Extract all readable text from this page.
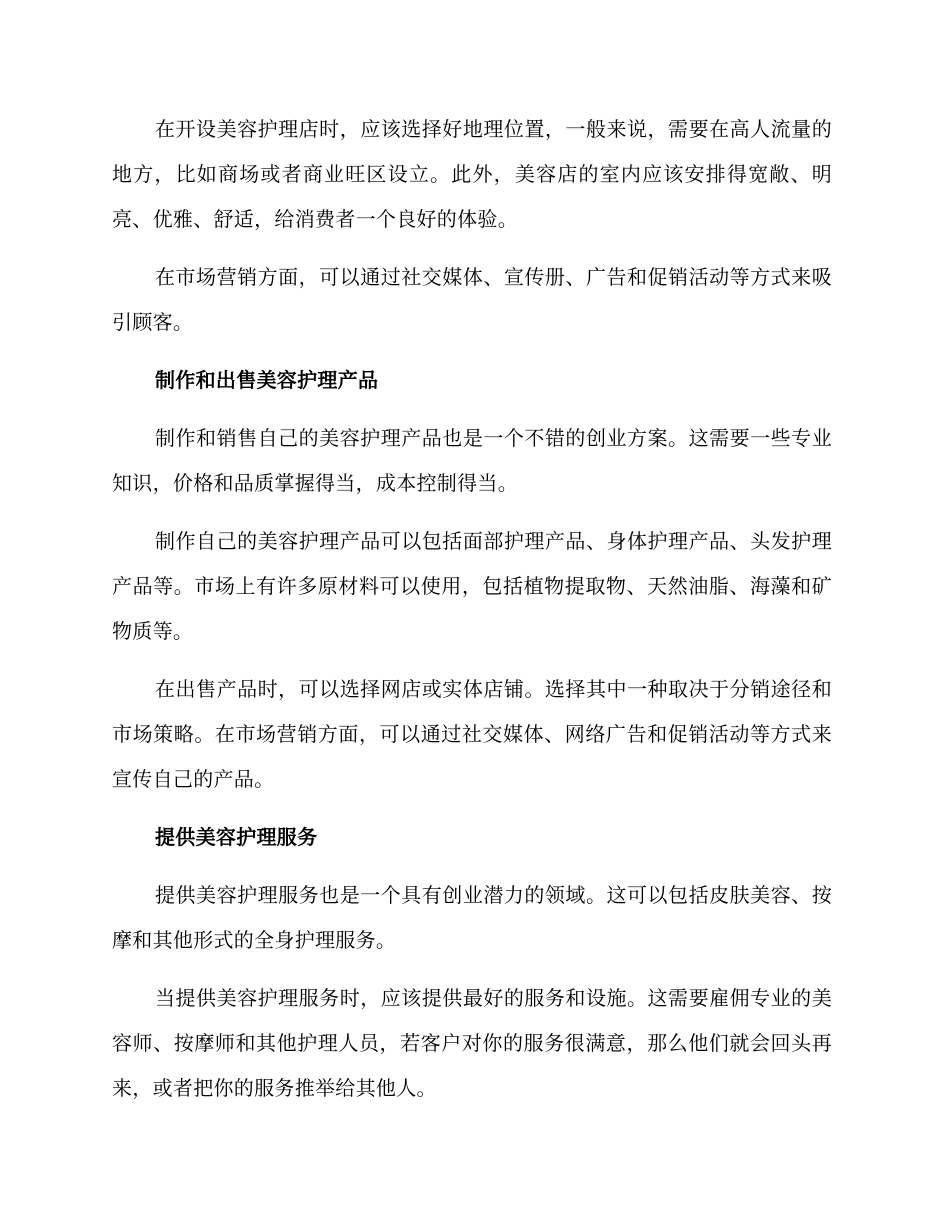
在开设美容护理店时，应该选择好地理位置，一般来说，需要在高人流量的地方，比如商场或者商业旺区设立。此外，美容店的室内应该安排得宽敞、明亮、优雅、舒适，给消费者一个良好的体验。

在市场营销方面，可以通过社交媒体、宣传册、广告和促销活动等方式来吸引顾客。

制作和出售美容护理产品

制作和销售自己的美容护理产品也是一个不错的创业方案。这需要一些专业知识，价格和品质掌握得当，成本控制得当。

制作自己的美容护理产品可以包括面部护理产品、身体护理产品、头发护理产品等。市场上有许多原材料可以使用，包括植物提取物、天然油脂、海藻和矿物质等。

在出售产品时，可以选择网店或实体店铺。选择其中一种取决于分销途径和市场策略。在市场营销方面，可以通过社交媒体、网络广告和促销活动等方式来宣传自己的产品。

提供美容护理服务

提供美容护理服务也是一个具有创业潜力的领域。这可以包括皮肤美容、按摩和其他形式的全身护理服务。

当提供美容护理服务时，应该提供最好的服务和设施。这需要雇佣专业的美容师、按摩师和其他护理人员，若客户对你的服务很满意，那么他们就会回头再来，或者把你的服务推举给其他人。
